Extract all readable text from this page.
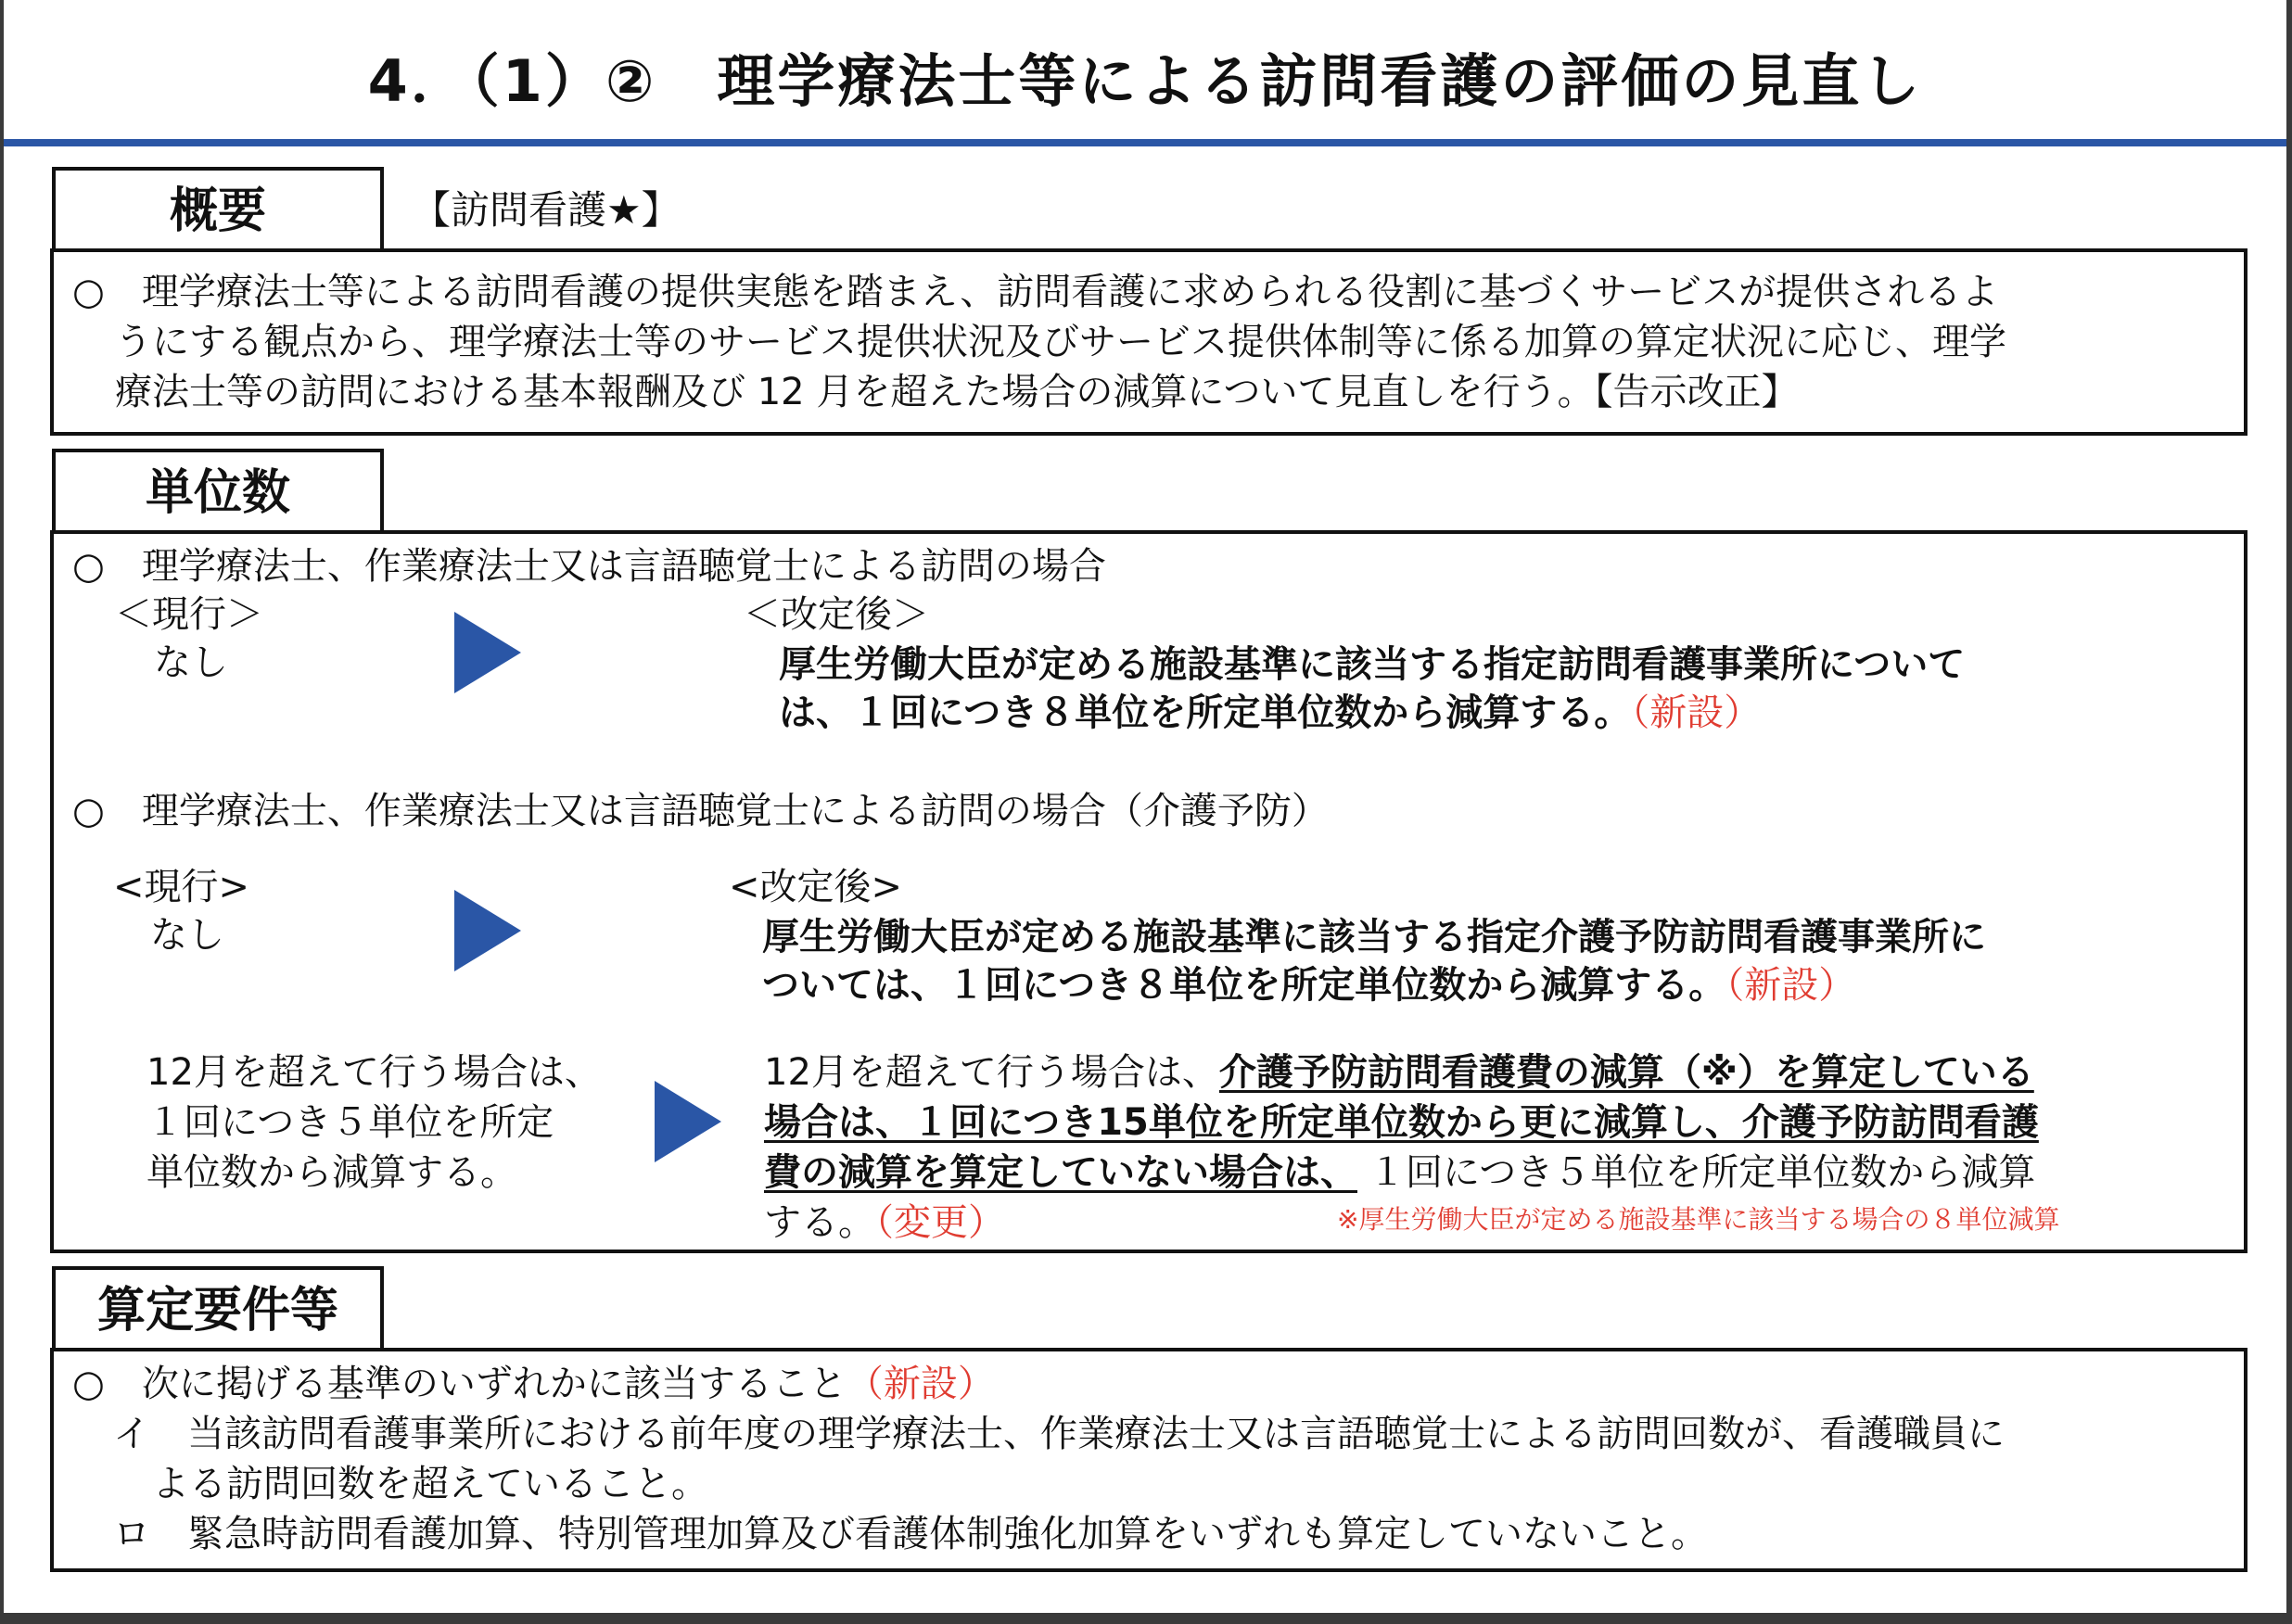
4．（1）②　理学療法士等による訪問看護の評価の見直し
概要	【訪問看護★】
○　理学療法士等による訪問看護の提供実態を踏まえ、訪問看護に求められる役割に基づくサービスが提供されるよ
うにする観点から、理学療法士等のサービス提供状況及びサービス提供体制等に係る加算の算定状況に応じ、理学
療法士等の訪問における基本報酬及び 12 月を超えた場合の減算について見直しを行う。【告示改正】
単位数
○　理学療法士、作業療法士又は言語聴覚士による訪問の場合
＜現行＞
なし
＜改定後＞
厚生労働大臣が定める施設基準に該当する指定訪問看護事業所について
は、１回につき８単位を所定単位数から減算する。（新設）
○　理学療法士、作業療法士又は言語聴覚士による訪問の場合（介護予防）
<現行>
なし
<改定後>
厚生労働大臣が定める施設基準に該当する指定介護予防訪問看護事業所に
ついては、１回につき８単位を所定単位数から減算する。（新設）
12月を超えて行う場合は、
１回につき５単位を所定
単位数から減算する。
12月を超えて行う場合は、介護予防訪問看護費の減算（※）を算定している
場合は、１回につき15単位を所定単位数から更に減算し、介護予防訪問看護
費の減算を算定していない場合は、 １回につき５単位を所定単位数から減算
する。（変更）	※厚生労働大臣が定める施設基準に該当する場合の８単位減算
算定要件等
○　次に掲げる基準のいずれかに該当すること（新設）
イ　当該訪問看護事業所における前年度の理学療法士、作業療法士又は言語聴覚士による訪問回数が、看護職員に
よる訪問回数を超えていること。
ロ　緊急時訪問看護加算、特別管理加算及び看護体制強化加算をいずれも算定していないこと。
